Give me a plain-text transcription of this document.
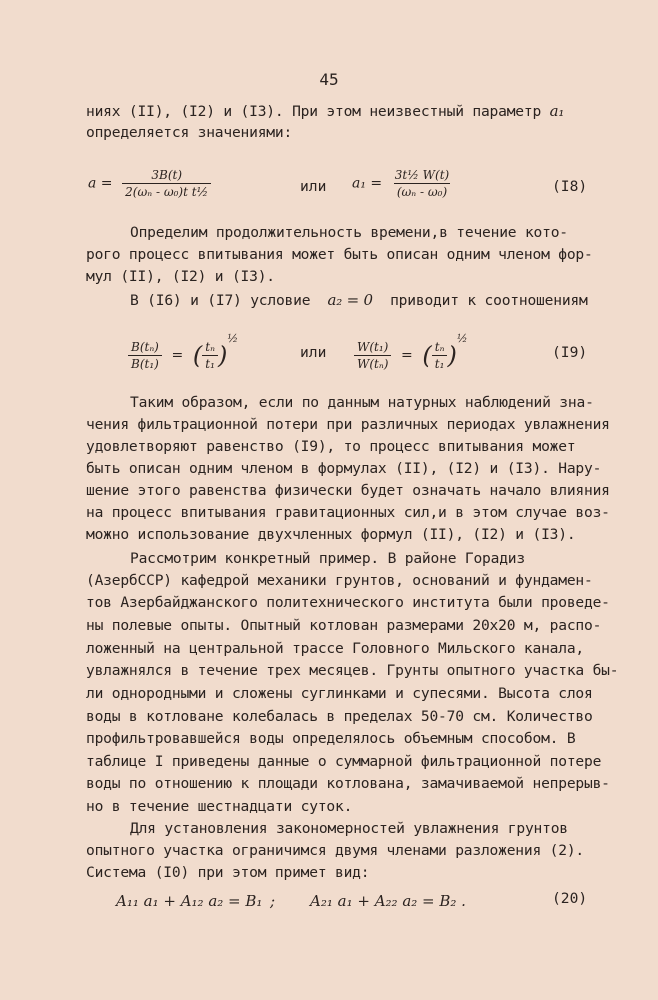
45
ниях (II), (I2) и (I3). При этом неизвестный параметр a₁
определяется значениями:
$a = \frac{3B(t)}{\text{2(ωₙ - ω₀)t t½}}$	или $a_1 = \frac{\text{3t½ W(t)}}{\text{(ωₙ - ω₀)}}$	(I8)
Определим продолжительность времени,в течение кото-
рого процесс впитывания может быть описан одним членом фор-
мул (II), (I2) и (I3).
В (I6) и (I7) условие a₂ = 0 приводит к соотношениям
$\frac{\text{B(tₙ)}}{\text{B(t₁)}}$ = ( $\frac{\text{tₙ}}{\text{t₁}} )^{\frac{1}{2}}$
или $\frac{\text{W(t₁)}}{\text{W(tₙ)}}$ = ( $\frac{\text{tₙ}}{\text{t₁}} )^{\frac{1}{2}}$
(I9)
Таким образом, если по данным натурных наблюдений зна-
чения фильтрационной потери при различных периодах увлажнения
удовлетворяют равенство (I9), то процесс впитывания может
быть описан одним членом в формулах (II), (I2) и (I3). Нару-
шение этого равенства физически будет означать начало влияния
на процесс впитывания гравитационных сил,и в этом случае воз-
можно использование двухчленных формул (II), (I2) и (I3).
Рассмотрим конкретный пример. В районе Горадиз
(АзербССР) кафедрой механики грунтов, оснований и фундамен-
тов Азербайджанского политехнического института были проведе-
ны полевые опыты. Опытный котлован размерами 20х20 м, распо-
ложенный на центральной трассе Головного Мильского канала,
увлажнялся в течение трех месяцев. Грунты опытного участка бы-
ли однородными и сложены суглинками и супесями. Высота слоя
воды в котловане колебалась в пределах 50-70 см. Количество
профильтровавшейся воды определялось объемным способом. В
таблице I приведены данные о суммарной фильтрационной потере
воды по отношению к площади котлована, замачиваемой непрерыв-
но в течение шестнадцати суток.
Для установления закономерностей увлажнения грунтов
опытного участка ограничимся двумя членами разложения (2).
Система (I0) при этом примет вид:
A₁₁ a₁ + A₁₂ a₂ = B₁ ; A₂₁ a₁ + A₂₂ a₂ = B₂ .	(20)
